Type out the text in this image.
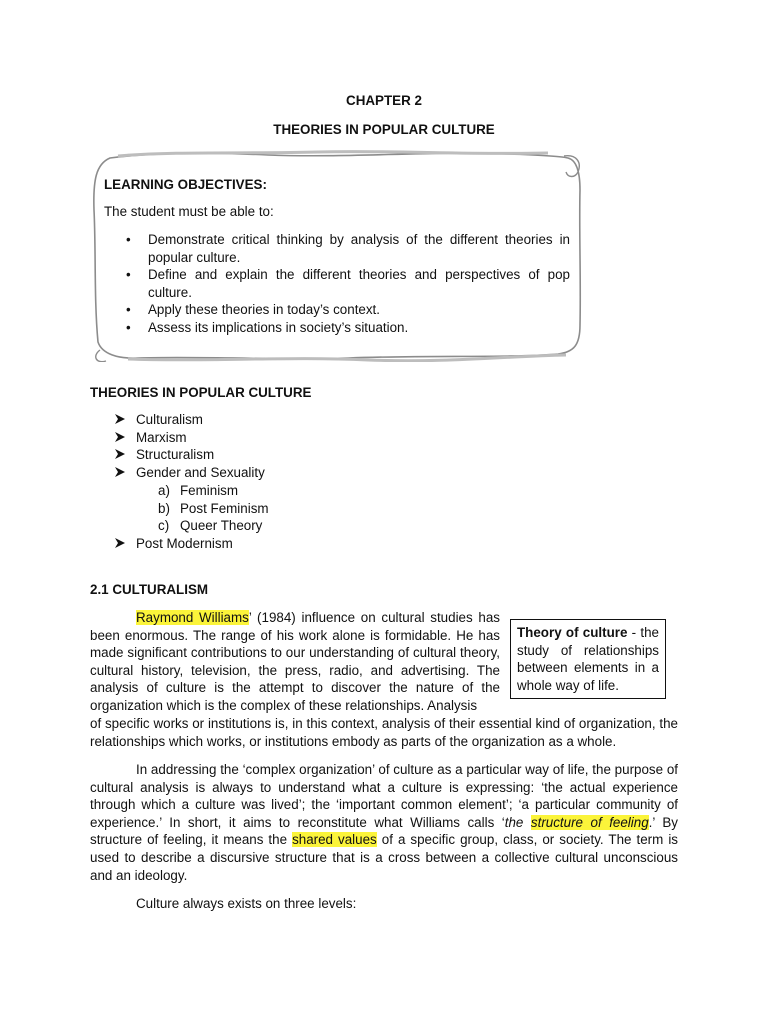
CHAPTER 2
THEORIES IN POPULAR CULTURE
LEARNING OBJECTIVES:
The student must be able to:
• Demonstrate critical thinking by analysis of the different theories in popular culture.
• Define and explain the different theories and perspectives of pop culture.
• Apply these theories in today’s context.
• Assess its implications in society’s situation.
THEORIES IN POPULAR CULTURE
Culturalism
Marxism
Structuralism
Gender and Sexuality
a) Feminism
b) Post Feminism
c) Queer Theory
Post Modernism
2.1 CULTURALISM

Raymond Williams’ (1984) influence on cultural studies has been enormous. The range of his work alone is formidable. He has made significant contributions to our understanding of cultural theory, cultural history, television, the press, radio, and advertising. The analysis of culture is the attempt to discover the nature of the organization which is the complex of these relationships. Analysis

Theory of culture - the study of relationships between elements in a whole way of life.

of specific works or institutions is, in this context, analysis of their essential kind of organization, the relationships which works, or institutions embody as parts of the organization as a whole.

In addressing the ‘complex organization’ of culture as a particular way of life, the purpose of cultural analysis is always to understand what a culture is expressing: ‘the actual experience through which a culture was lived’; the ‘important common element’; ‘a particular community of experience.’ In short, it aims to reconstitute what Williams calls ‘the structure of feeling.’ By structure of feeling, it means the shared values of a specific group, class, or society. The term is used to describe a discursive structure that is a cross between a collective cultural unconscious and an ideology.

Culture always exists on three levels:
